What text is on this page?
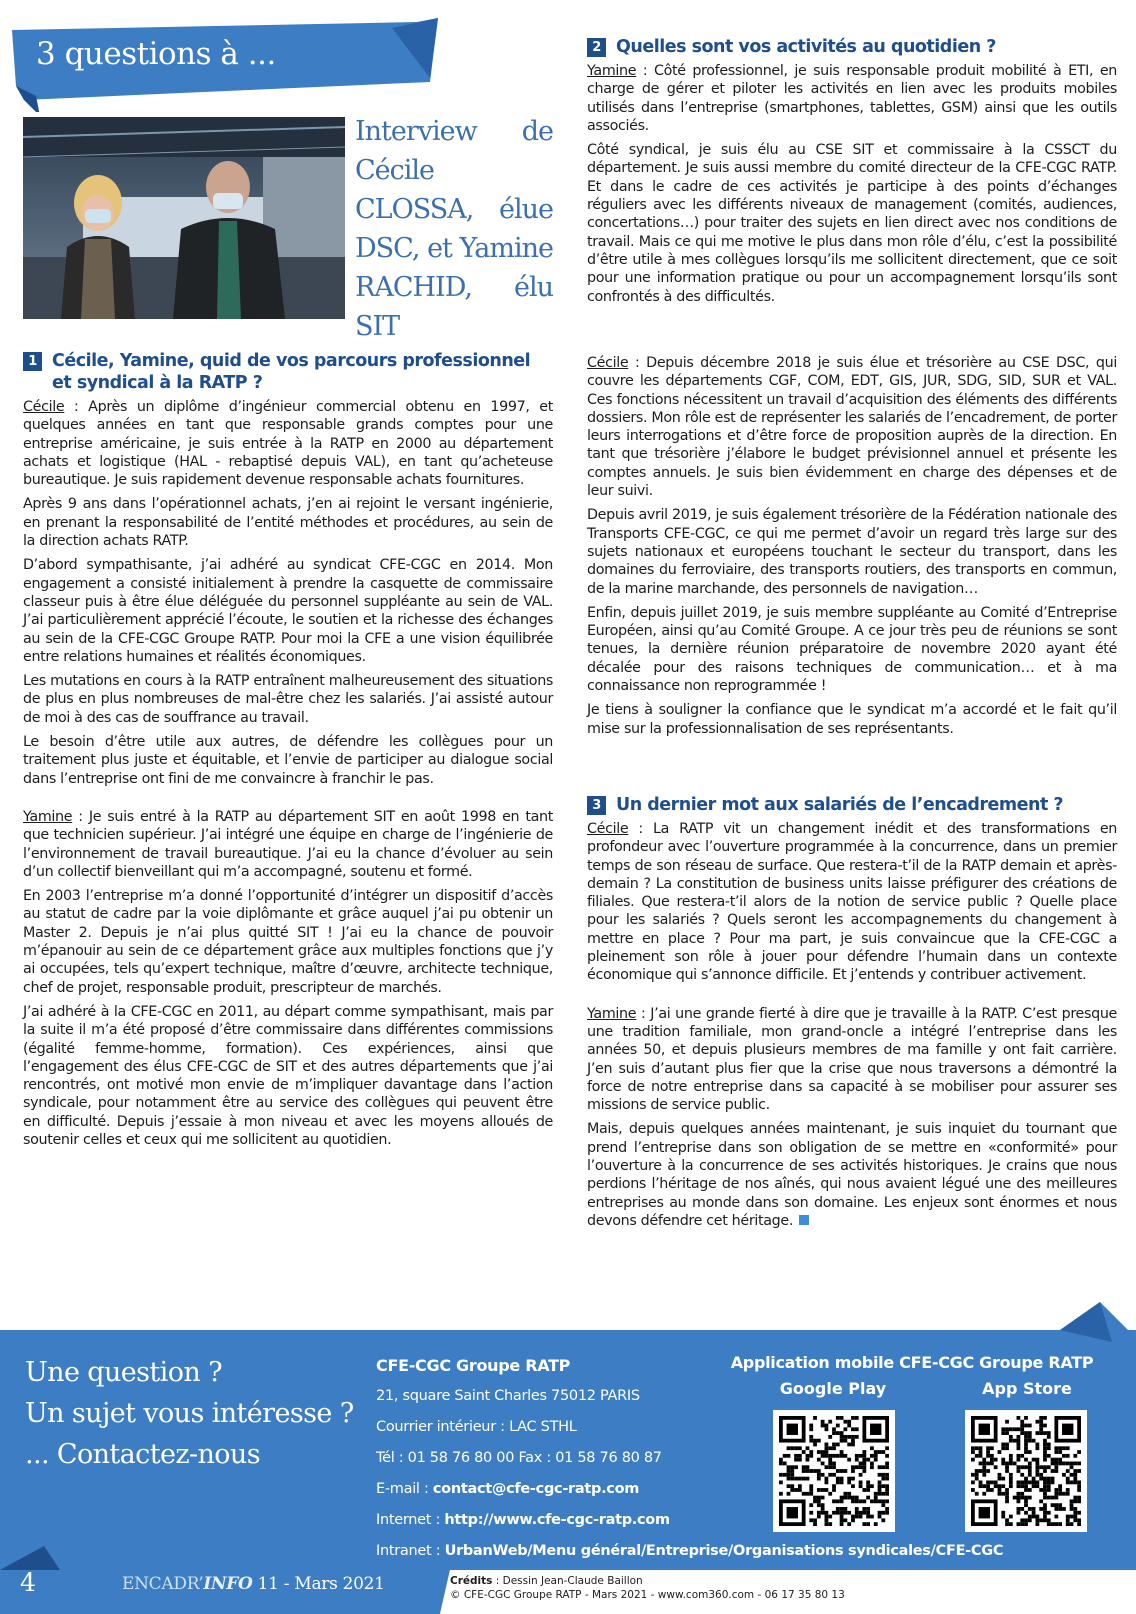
3 questions à ...
Interview de Cécile CLOSSA, élue DSC, et Yamine RACHID, élu SIT
1 Cécile, Yamine, quid de vos parcours professionnel et syndical à la RATP ?

Cécile : Après un diplôme d’ingénieur commercial obtenu en 1997, et quelques années en tant que responsable grands comptes pour une entreprise américaine, je suis entrée à la RATP en 2000 au département achats et logistique (HAL - rebaptisé depuis VAL), en tant qu’acheteuse bureautique. Je suis rapidement devenue responsable achats fournitures.

Après 9 ans dans l’opérationnel achats, j’en ai rejoint le versant ingénierie, en prenant la responsabilité de l’entité méthodes et procédures, au sein de la direction achats RATP.

D’abord sympathisante, j’ai adhéré au syndicat CFE-CGC en 2014. Mon engagement a consisté initialement à prendre la casquette de commissaire classeur puis à être élue déléguée du personnel suppléante au sein de VAL. J’ai particulièrement apprécié l’écoute, le soutien et la richesse des échanges au sein de la CFE-CGC Groupe RATP. Pour moi la CFE a une vision équilibrée entre relations humaines et réalités économiques.

Les mutations en cours à la RATP entraînent malheureusement des situations de plus en plus nombreuses de mal-être chez les salariés. J’ai assisté autour de moi à des cas de souffrance au travail.

Le besoin d’être utile aux autres, de défendre les collègues pour un traitement plus juste et équitable, et l’envie de participer au dialogue social dans l’entreprise ont fini de me convaincre à franchir le pas.

Yamine : Je suis entré à la RATP au département SIT en août 1998 en tant que technicien supérieur. J’ai intégré une équipe en charge de l’ingénierie de l’environnement de travail bureautique. J’ai eu la chance d’évoluer au sein d’un collectif bienveillant qui m’a accompagné, soutenu et formé.

En 2003 l’entreprise m’a donné l’opportunité d’intégrer un dispositif d’accès au statut de cadre par la voie diplômante et grâce auquel j’ai pu obtenir un Master 2. Depuis je n’ai plus quitté SIT ! J’ai eu la chance de pouvoir m’épanouir au sein de ce département grâce aux multiples fonctions que j’y ai occupées, tels qu’expert technique, maître d’œuvre, architecte technique, chef de projet, responsable produit, prescripteur de marchés.

J’ai adhéré à la CFE-CGC en 2011, au départ comme sympathisant, mais par la suite il m’a été proposé d’être commissaire dans différentes commissions (égalité femme-homme, formation). Ces expériences, ainsi que l’engagement des élus CFE-CGC de SIT et des autres départements que j’ai rencontrés, ont motivé mon envie de m’impliquer davantage dans l’action syndicale, pour notamment être au service des collègues qui peuvent être en difficulté. Depuis j’essaie à mon niveau et avec les moyens alloués de soutenir celles et ceux qui me sollicitent au quotidien.

2 Quelles sont vos activités au quotidien ?

Yamine : Côté professionnel, je suis responsable produit mobilité à ETI, en charge de gérer et piloter les activités en lien avec les produits mobiles utilisés dans l’entreprise (smartphones, tablettes, GSM) ainsi que les outils associés.

Côté syndical, je suis élu au CSE SIT et commissaire à la CSSCT du département. Je suis aussi membre du comité directeur de la CFE-CGC RATP. Et dans le cadre de ces activités je participe à des points d’échanges réguliers avec les différents niveaux de management (comités, audiences, concertations…) pour traiter des sujets en lien direct avec nos conditions de travail. Mais ce qui me motive le plus dans mon rôle d’élu, c’est la possibilité d’être utile à mes collègues lorsqu’ils me sollicitent directement, que ce soit pour une information pratique ou pour un accompagnement lorsqu’ils sont confrontés à des difficultés.

Cécile : Depuis décembre 2018 je suis élue et trésorière au CSE DSC, qui couvre les départements CGF, COM, EDT, GIS, JUR, SDG, SID, SUR et VAL. Ces fonctions nécessitent un travail d’acquisition des éléments des différents dossiers. Mon rôle est de représenter les salariés de l’encadrement, de porter leurs interrogations et d’être force de proposition auprès de la direction. En tant que trésorière j’élabore le budget prévisionnel annuel et présente les comptes annuels. Je suis bien évidemment en charge des dépenses et de leur suivi.

Depuis avril 2019, je suis également trésorière de la Fédération nationale des Transports CFE-CGC, ce qui me permet d’avoir un regard très large sur des sujets nationaux et européens touchant le secteur du transport, dans les domaines du ferroviaire, des transports routiers, des transports en commun, de la marine marchande, des personnels de navigation…

Enfin, depuis juillet 2019, je suis membre suppléante au Comité d’Entreprise Européen, ainsi qu’au Comité Groupe. A ce jour très peu de réunions se sont tenues, la dernière réunion préparatoire de novembre 2020 ayant été décalée pour des raisons techniques de communication… et à ma connaissance non reprogrammée !

Je tiens à souligner la confiance que le syndicat m’a accordé et le fait qu’il mise sur la professionnalisation de ses représentants.

3 Un dernier mot aux salariés de l’encadrement ?

Cécile : La RATP vit un changement inédit et des transformations en profondeur avec l’ouverture programmée à la concurrence, dans un premier temps de son réseau de surface. Que restera-t’il de la RATP demain et après-demain ? La constitution de business units laisse préfigurer des créations de filiales. Que restera-t’il alors de la notion de service public ? Quelle place pour les salariés ? Quels seront les accompagnements du changement à mettre en place ? Pour ma part, je suis convaincue que la CFE-CGC a pleinement son rôle à jouer pour défendre l’humain dans un contexte économique qui s’annonce difficile. Et j’entends y contribuer activement.

Yamine : J’ai une grande fierté à dire que je travaille à la RATP. C’est presque une tradition familiale, mon grand-oncle a intégré l’entreprise dans les années 50, et depuis plusieurs membres de ma famille y ont fait carrière. J’en suis d’autant plus fier que la crise que nous traversons a démontré la force de notre entreprise dans sa capacité à se mobiliser pour assurer ses missions de service public.

Mais, depuis quelques années maintenant, je suis inquiet du tournant que prend l’entreprise dans son obligation de se mettre en «conformité» pour l’ouverture à la concurrence de ses activités historiques. Je crains que nous perdions l’héritage de nos aînés, qui nous avaient légué une des meilleures entreprises au monde dans son domaine. Les enjeux sont énormes et nous devons défendre cet héritage.

Une question ?
Un sujet vous intéresse ?
... Contactez-nous
CFE-CGC Groupe RATP
21, square Saint Charles 75012 PARIS
Courrier intérieur : LAC STHL
Tél : 01 58 76 80 00 Fax : 01 58 76 80 87
E-mail : contact@cfe-cgc-ratp.com
Internet : http://www.cfe-cgc-ratp.com
Intranet : UrbanWeb/Menu général/Entreprise/Organisations syndicales/CFE-CGC
Application mobile CFE-CGC Groupe RATP
Google Play	App Store
4	ENCADR’INFO 11 - Mars 2021	Crédits : Dessin Jean-Claude Baillon
© CFE-CGC Groupe RATP - Mars 2021 - www.com360.com - 06 17 35 80 13
